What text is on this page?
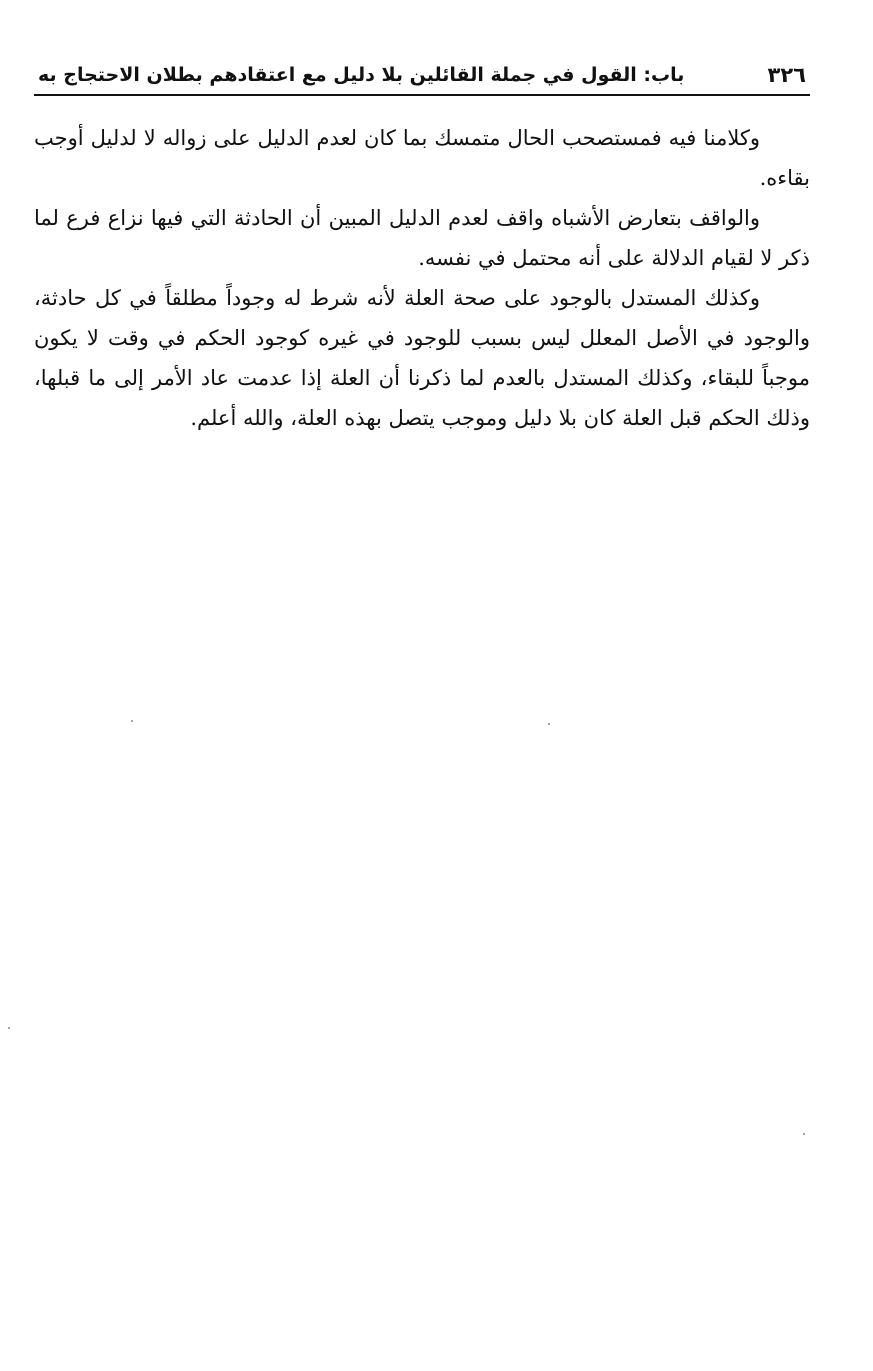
٣٢٦
باب: القول في جملة القائلين بلا دليل مع اعتقادهم بطلان الاحتجاج به

وكلامنا فيه فمستصحب الحال متمسك بما كان لعدم الدليل على زواله لا لدليل أوجب بقاءه.

والواقف بتعارض الأشباه واقف لعدم الدليل المبين أن الحادثة التي فيها نزاع فرع لما ذكر لا لقيام الدلالة على أنه محتمل في نفسه.

وكذلك المستدل بالوجود على صحة العلة لأنه شرط له وجوداً مطلقاً في كل حادثة، والوجود في الأصل المعلل ليس بسبب للوجود في غيره كوجود الحكم في وقت لا يكون موجباً للبقاء، وكذلك المستدل بالعدم لما ذكرنا أن العلة إذا عدمت عاد الأمر إلى ما قبلها، وذلك الحكم قبل العلة كان بلا دليل وموجب يتصل بهذه العلة، والله أعلم.
